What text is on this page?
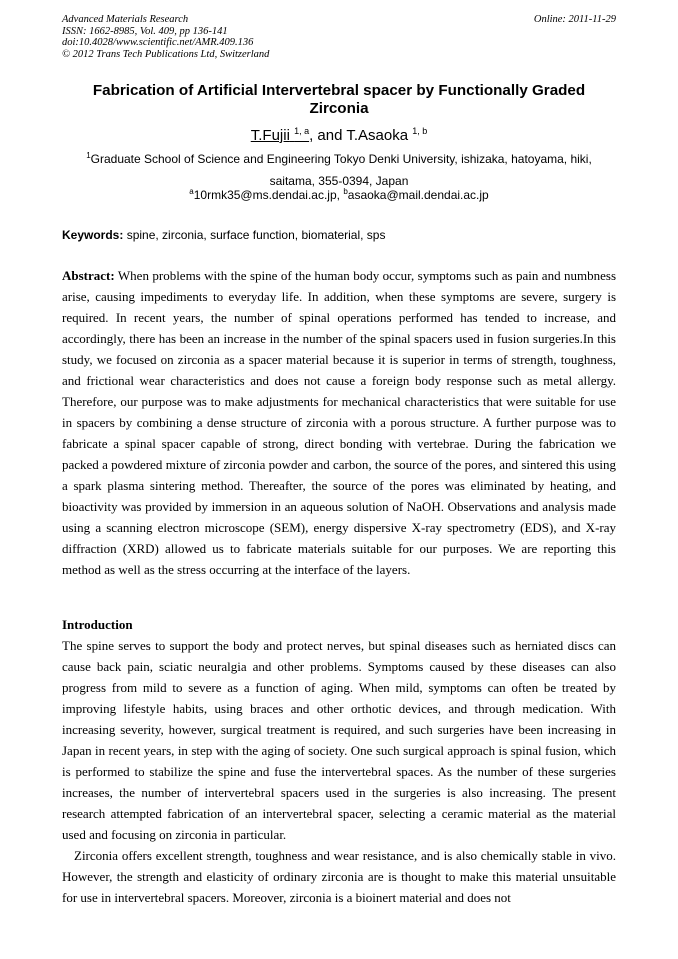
Advanced Materials Research
ISSN: 1662-8985, Vol. 409, pp 136-141
doi:10.4028/www.scientific.net/AMR.409.136
© 2012 Trans Tech Publications Ltd, Switzerland
Online: 2011-11-29
Fabrication of Artificial Intervertebral spacer by Functionally Graded Zirconia
T.Fujii $^{1, a}$, and T.Asaoka $^{1, b}$
$^1$Graduate School of Science and Engineering Tokyo Denki University, ishizaka, hatoyama, hiki, saitama, 355-0394, Japan
$^a$10rmk35@ms.dendai.ac.jp, $^b$asaoka@mail.dendai.ac.jp
Keywords: spine, zirconia, surface function, biomaterial, sps
Abstract: When problems with the spine of the human body occur, symptoms such as pain and numbness arise, causing impediments to everyday life. In addition, when these symptoms are severe, surgery is required. In recent years, the number of spinal operations performed has tended to increase, and accordingly, there has been an increase in the number of the spinal spacers used in fusion surgeries.In this study, we focused on zirconia as a spacer material because it is superior in terms of strength, toughness, and frictional wear characteristics and does not cause a foreign body response such as metal allergy. Therefore, our purpose was to make adjustments for mechanical characteristics that were suitable for use in spacers by combining a dense structure of zirconia with a porous structure. A further purpose was to fabricate a spinal spacer capable of strong, direct bonding with vertebrae. During the fabrication we packed a powdered mixture of zirconia powder and carbon, the source of the pores, and sintered this using a spark plasma sintering method. Thereafter, the source of the pores was eliminated by heating, and bioactivity was provided by immersion in an aqueous solution of NaOH. Observations and analysis made using a scanning electron microscope (SEM), energy dispersive X-ray spectrometry (EDS), and X-ray diffraction (XRD) allowed us to fabricate materials suitable for our purposes. We are reporting this method as well as the stress occurring at the interface of the layers.
Introduction

The spine serves to support the body and protect nerves, but spinal diseases such as herniated discs can cause back pain, sciatic neuralgia and other problems. Symptoms caused by these diseases can also progress from mild to severe as a function of aging. When mild, symptoms can often be treated by improving lifestyle habits, using braces and other orthotic devices, and through medication. With increasing severity, however, surgical treatment is required, and such surgeries have been increasing in Japan in recent years, in step with the aging of society. One such surgical approach is spinal fusion, which is performed to stabilize the spine and fuse the intervertebral spaces. As the number of these surgeries increases, the number of intervertebral spacers used in the surgeries is also increasing. The present research attempted fabrication of an intervertebral spacer, selecting a ceramic material as the material used and focusing on zirconia in particular.

Zirconia offers excellent strength, toughness and wear resistance, and is also chemically stable in vivo. However, the strength and elasticity of ordinary zirconia are is thought to make this material unsuitable for use in intervertebral spacers. Moreover, zirconia is a bioinert material and does not
